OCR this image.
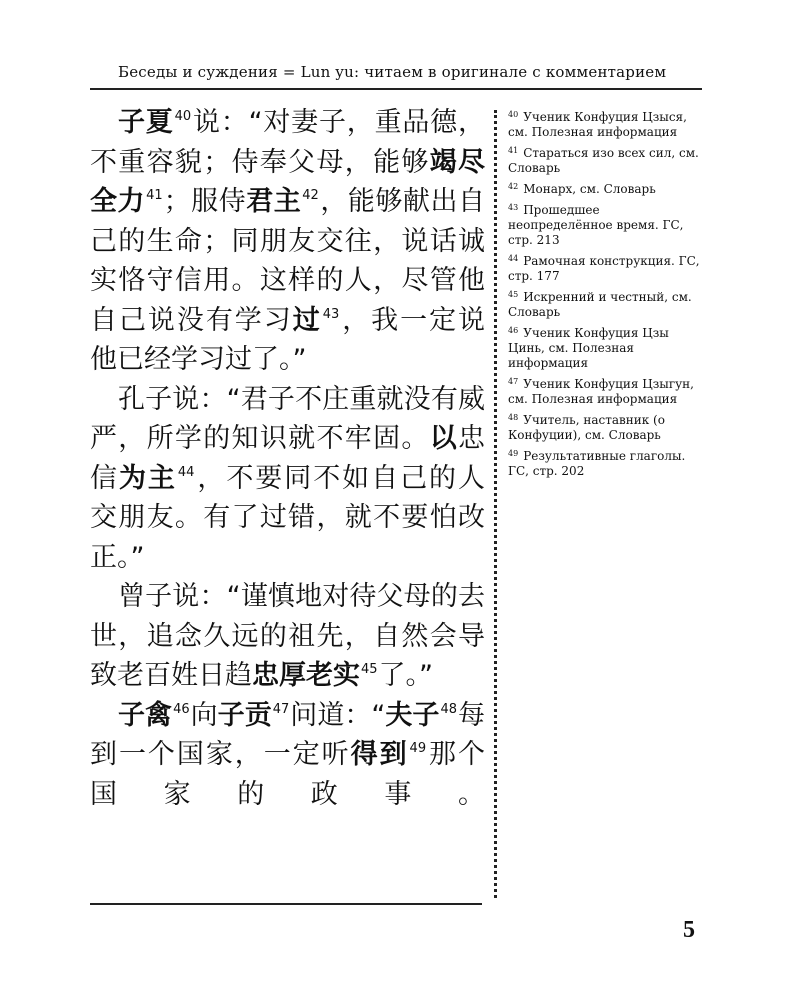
Беседы и суждения = Lun yu: читаем в оригинале с комментарием

子夏$^{40}$说：“对妻子，重品德，不重容貌；侍奉父母，能够竭尽全力$^{41}$；服侍君主$^{42}$，能够献出自己的生命；同朋友交往，说话诚实恪守信用。这样的人，尽管他自己说没有学习过$^{43}$，我一定说他已经学习过了。”

孔子说：“君子不庄重就没有威严，所学的知识就不牢固。以忠信为主$^{44}$，不要同不如自己的人交朋友。有了过错，就不要怕改正。”

曾子说：“谨慎地对待父母的去世，追念久远的祖先，自然会导致老百姓日趋忠厚老实$^{45}$了。”

子禽$^{46}$向子贡$^{47}$问道：“夫子$^{48}$每到一个国家，一定听得到$^{49}$那个国家的政事。

$^{40}$ Ученик Конфуция Цзыся, см. Полезная информация
$^{41}$ Стараться изо всех сил, см. Словарь
$^{42}$ Монарх, см. Словарь
$^{43}$ Прошедшее неопределённое время. ГС, стр. 213
$^{44}$ Рамочная конструкция. ГС, стр. 177
$^{45}$ Искренний и честный, см. Словарь
$^{46}$ Ученик Конфуция Цзы Цинь, см. Полезная информация
$^{47}$ Ученик Конфуция Цзыгун, см. Полезная информация
$^{48}$ Учитель, наставник (о Конфуции), см. Словарь
$^{49}$ Результативные глаголы. ГС, стр. 202
5
